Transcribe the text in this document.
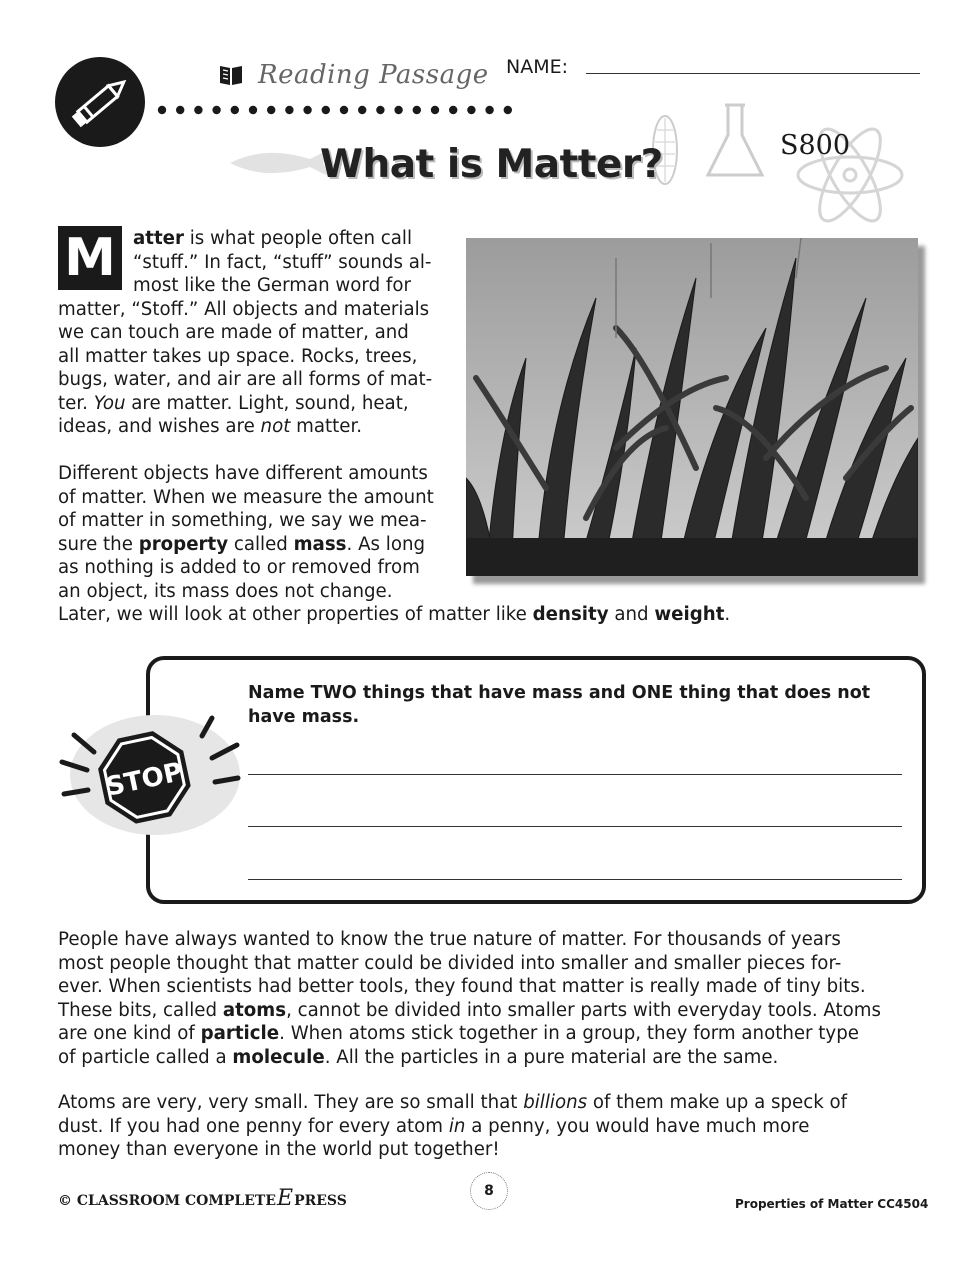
Reading Passage NAME:
What is Matter?	S800
M atter is what people often call
“stuff.” In fact, “stuff” sounds al-
most like the German word for
matter, “Stoff.” All objects and materials
we can touch are made of matter, and
all matter takes up space. Rocks, trees,
bugs, water, and air are all forms of mat-
ter. You are matter. Light, sound, heat,
ideas, and wishes are not matter.
Different objects have different amounts
of matter. When we measure the amount
of matter in something, we say we mea-
sure the property called mass. As long
as nothing is added to or removed from
an object, its mass does not change.
Later, we will look at other properties of matter like density and weight.
STOP
Name TWO things that have mass and ONE thing that does not have mass.
People have always wanted to know the true nature of matter. For thousands of years
most people thought that matter could be divided into smaller and smaller pieces for-
ever. When scientists had better tools, they found that matter is really made of tiny bits.
These bits, called atoms, cannot be divided into smaller parts with everyday tools. Atoms
are one kind of particle. When atoms stick together in a group, they form another type
of particle called a molecule. All the particles in a pure material are the same.
Atoms are very, very small. They are so small that billions of them make up a speck of
dust. If you had one penny for every atom in a penny, you would have much more
money than everyone in the world put together!
© CLASSROOM COMPLETEEPRESS
8
Properties of Matter CC4504
